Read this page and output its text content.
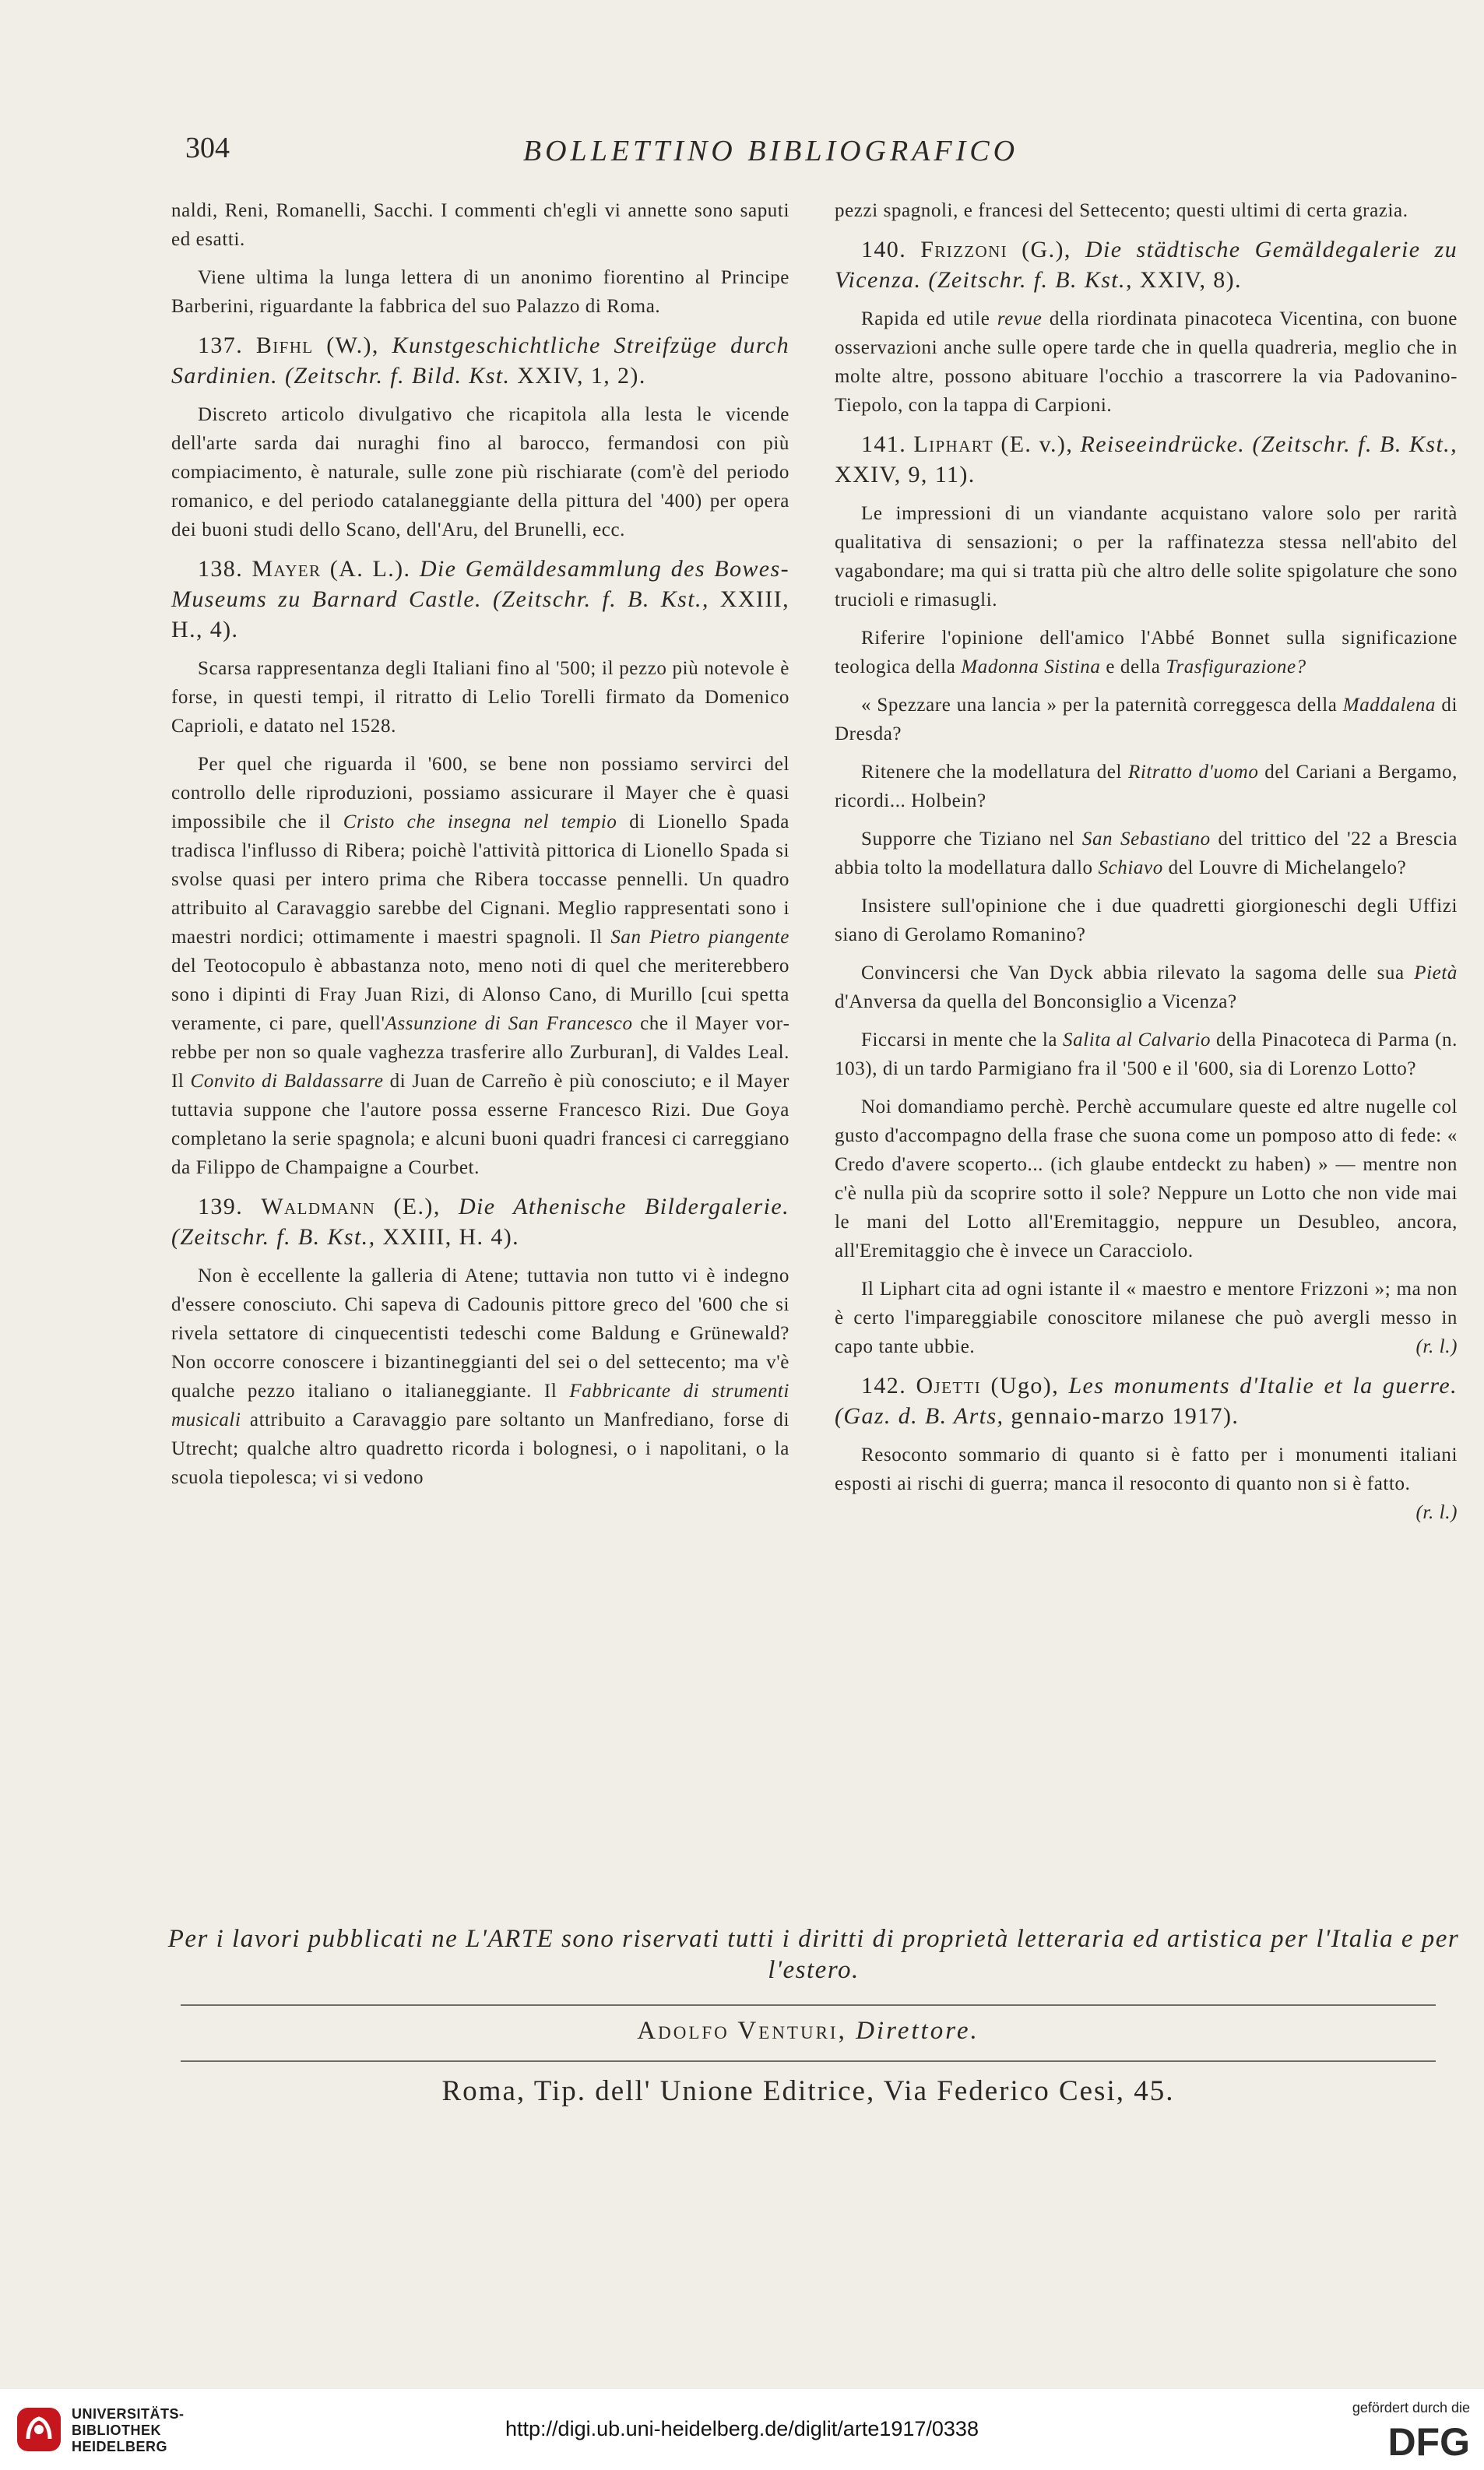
304	BOLLETTINO BIBLIOGRAFICO

naldi, Reni, Romanelli, Sacchi. I commenti ch'egli vi annette sono saputi ed esatti.

Viene ultima la lunga lettera di un anonimo fiorentino al Principe Barberini, riguardante la fabbrica del suo Palazzo di Roma.

137. Bifhl (W.), Kunstgeschichtliche Streifzüge durch Sardinien. (Zeitschr. f. Bild. Kst. XXIV, 1, 2).

Discreto articolo divulgativo che ricapitola alla lesta le vicende dell'arte sarda dai nuraghi fino al barocco, fermandosi con più compiacimento, è naturale, sulle zone più rischiarate (com'è del periodo romanico, e del periodo catalaneggiante della pittura del '400) per opera dei buoni studi dello Scano, dell'Aru, del Brunelli, ecc.

138. Mayer (A. L.). Die Gemäldesammlung des Bowes-Museums zu Barnard Castle. (Zeitschr. f. B. Kst., XXIII, H., 4).

Scarsa rappresentanza degli Italiani fino al '500; il pezzo più notevole è forse, in questi tempi, il ritratto di Lelio Torelli firmato da Domenico Caprioli, e datato nel 1528.

Per quel che riguarda il '600, se bene non possiamo servirci del controllo delle riproduzioni, possiamo assicurare il Mayer che è quasi impossibile che il Cristo che insegna nel tempio di Lionello Spada tradisca l'influsso di Ribera; poichè l'attività pittorica di Lionello Spada si svolse quasi per intero prima che Ribera toccasse pennelli. Un quadro attribuito al Caravaggio sarebbe del Cignani. Meglio rappresentati sono i maestri nordici; ottimamente i maestri spagnoli. Il San Pietro piangente del Teotocopulo è abbastanza noto, meno noti di quel che meriterebbero sono i dipinti di Fray Juan Rizi, di Alonso Cano, di Murillo [cui spetta veramente, ci pare, quell'Assunzione di San Francesco che il Mayer vorrebbe per non so quale vaghezza trasferire allo Zurburan], di Valdes Leal. Il Convito di Baldassarre di Juan de Carreño è più conosciuto; e il Mayer tuttavia suppone che l'autore possa esserne Francesco Rizi. Due Goya completano la serie spagnola; e alcuni buoni quadri francesi ci carreggiano da Filippo de Champaigne a Courbet.

139. Waldmann (E.), Die Athenische Bildergalerie. (Zeitschr. f. B. Kst., XXIII, H. 4).

Non è eccellente la galleria di Atene; tuttavia non tutto vi è indegno d'essere conosciuto. Chi sapeva di Cadounis pittore greco del '600 che si rivela settatore di cinquecentisti tedeschi come Baldung e Grünewald? Non occorre conoscere i bizantineggianti del sei o del settecento; ma v'è qualche pezzo italiano o italianeggiante. Il Fabbricante di strumenti musicali attribuito a Caravaggio pare soltanto un Manfrediano, forse di Utrecht; qualche altro quadretto ricorda i bolognesi, o i napolitani, o la scuola tiepolesca; vi si vedono

pezzi spagnoli, e francesi del Settecento; questi ultimi di certa grazia.

140. Frizzoni (G.), Die städtische Gemäldegalerie zu Vicenza. (Zeitschr. f. B. Kst., XXIV, 8).

Rapida ed utile revue della riordinata pinacoteca Vicentina, con buone osservazioni anche sulle opere tarde che in quella quadreria, meglio che in molte altre, possono abituare l'occhio a trascorrere la via Padovanino-Tiepolo, con la tappa di Carpioni.

141. Liphart (E. v.), Reiseeindrücke. (Zeitschr. f. B. Kst., XXIV, 9, 11).

Le impressioni di un viandante acquistano valore solo per rarità qualitativa di sensazioni; o per la raffinatezza stessa nell'abito del vagabondare; ma qui si tratta più che altro delle solite spigolature che sono trucioli e rimasugli.

Riferire l'opinione dell'amico l'Abbé Bonnet sulla significazione teologica della Madonna Sistina e della Trasfigurazione?

« Spezzare una lancia » per la paternità correggesca della Maddalena di Dresda?

Ritenere che la modellatura del Ritratto d'uomo del Cariani a Bergamo, ricordi... Holbein?

Supporre che Tiziano nel San Sebastiano del trittico del '22 a Brescia abbia tolto la modellatura dallo Schiavo del Louvre di Michelangelo?

Insistere sull'opinione che i due quadretti giorgioneschi degli Uffizi siano di Gerolamo Romanino?

Convincersi che Van Dyck abbia rilevato la sagoma delle sua Pietà d'Anversa da quella del Bonconsiglio a Vicenza?

Ficcarsi in mente che la Salita al Calvario della Pinacoteca di Parma (n. 103), di un tardo Parmigiano fra il '500 e il '600, sia di Lorenzo Lotto?

Noi domandiamo perchè. Perchè accumulare queste ed altre nugelle col gusto d'accompagno della frase che suona come un pomposo atto di fede: « Credo d'avere scoperto... (ich glaube entdeckt zu haben) » — mentre non c'è nulla più da scoprire sotto il sole? Neppure un Lotto che non vide mai le mani del Lotto all'Eremitaggio, neppure un Desubleo, ancora, all'Eremitaggio che è invece un Caracciolo.

Il Liphart cita ad ogni istante il « maestro e mentore Frizzoni »; ma non è certo l'impareggiabile conoscitore milanese che può avergli messo in capo tante ubbie.	(r. l.)

142. Ojetti (Ugo), Les monuments d'Italie et la guerre. (Gaz. d. B. Arts, gennaio-marzo 1917).

Resoconto sommario di quanto si è fatto per i monumenti italiani esposti ai rischi di guerra; manca il resoconto di quanto non si è fatto.
(r. l.)

Per i lavori pubblicati ne L'ARTE sono riservati tutti i diritti di proprietà letteraria ed artistica per l'Italia e per l'estero.
Adolfo Venturi, Direttore.
Roma, Tip. dell' Unione Editrice, Via Federico Cesi, 45.
UNIVERSITÄTS-
BIBLIOTHEK
HEIDELBERG
http://digi.ub.uni-heidelberg.de/diglit/arte1917/0338
gefördert durch die
DFG
